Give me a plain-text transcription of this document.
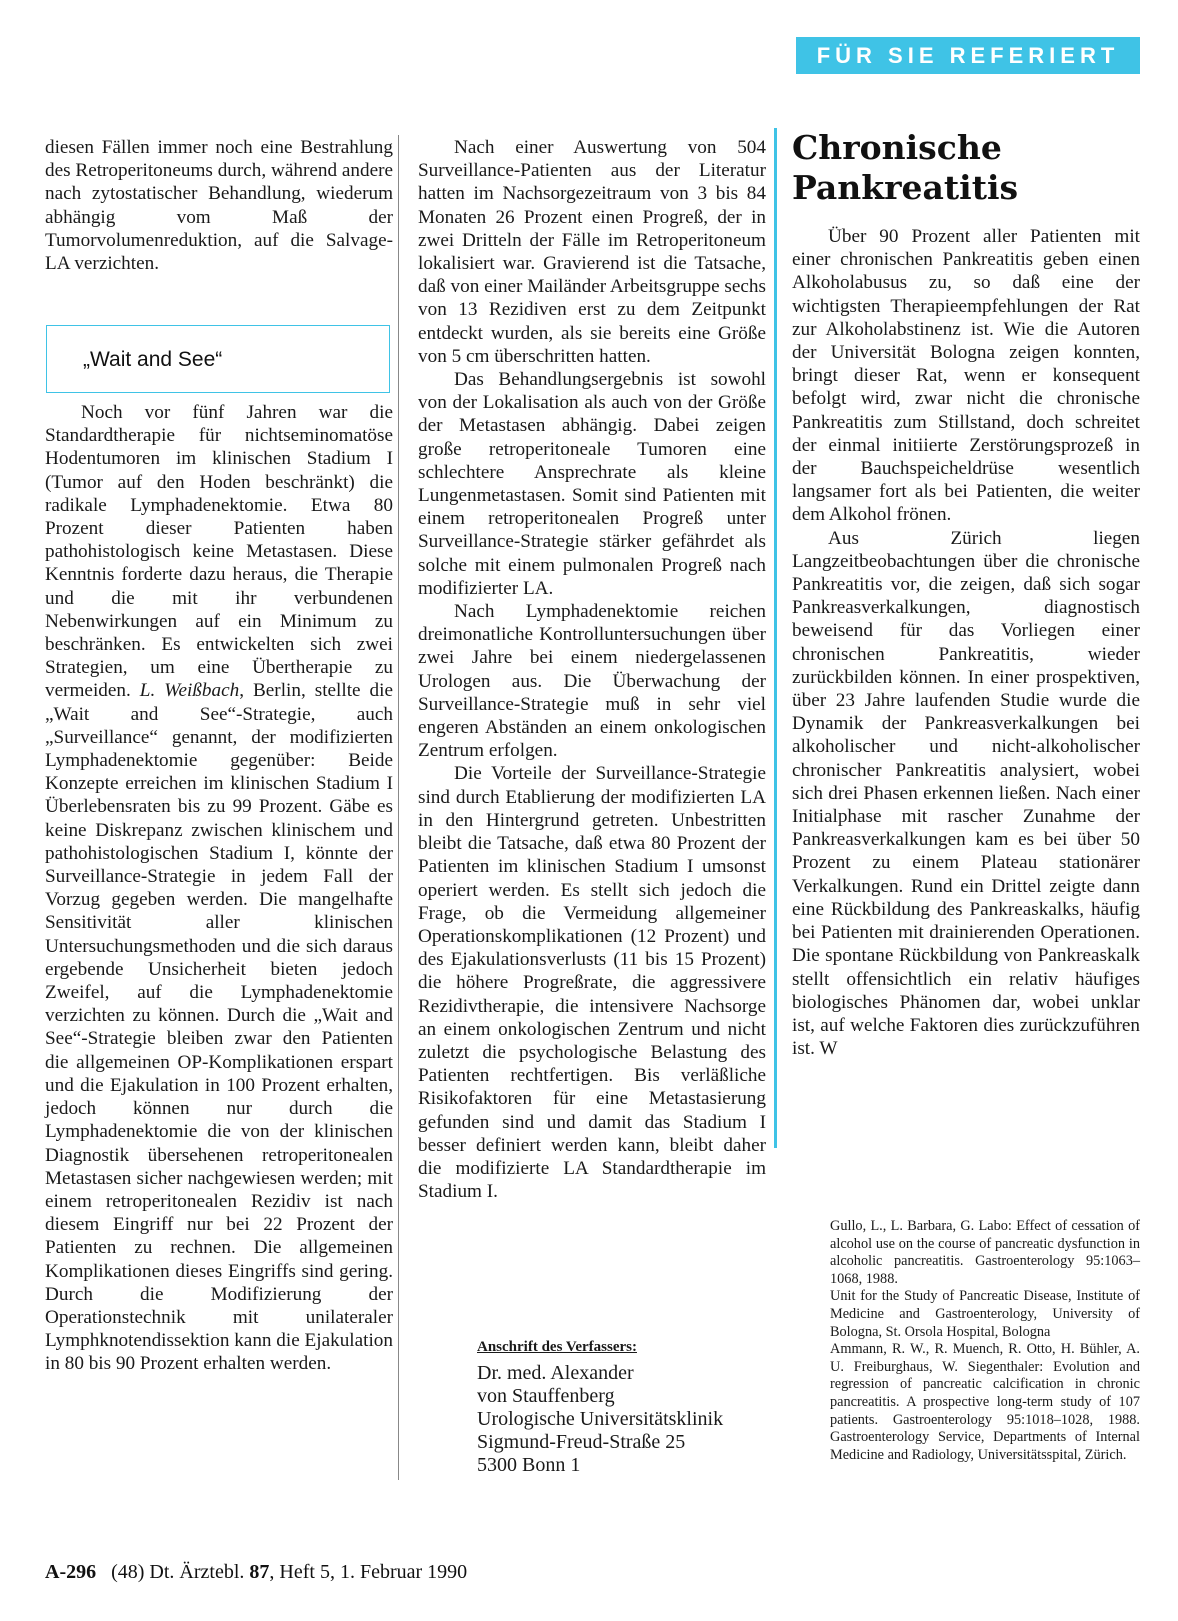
FÜR SIE REFERIERT

diesen Fällen immer noch eine Bestrahlung des Retroperitoneums durch, während andere nach zytostatischer Behandlung, wiederum abhängig vom Maß der Tumorvolumenreduktion, auf die Salvage-LA verzichten.

„Wait and See“

Noch vor fünf Jahren war die Standardtherapie für nichtseminomatöse Hodentumoren im klinischen Stadium I (Tumor auf den Hoden beschränkt) die radikale Lymphadenektomie. Etwa 80 Prozent dieser Patienten haben pathohistologisch keine Metastasen. Diese Kenntnis forderte dazu heraus, die Therapie und die mit ihr verbundenen Nebenwirkungen auf ein Minimum zu beschränken. Es entwickelten sich zwei Strategien, um eine Übertherapie zu vermeiden. L. Weißbach, Berlin, stellte die „Wait and See“-Strategie, auch „Surveillance“ genannt, der modifizierten Lymphadenektomie gegenüber: Beide Konzepte erreichen im klinischen Stadium I Überlebensraten bis zu 99 Prozent. Gäbe es keine Diskrepanz zwischen klinischem und pathohistologischen Stadium I, könnte der Surveillance-Strategie in jedem Fall der Vorzug gegeben werden. Die mangelhafte Sensitivität aller klinischen Untersuchungsmethoden und die sich daraus ergebende Unsicherheit bieten jedoch Zweifel, auf die Lymphadenektomie verzichten zu können. Durch die „Wait and See“-Strategie bleiben zwar den Patienten die allgemeinen OP-Komplikationen erspart und die Ejakulation in 100 Prozent erhalten, jedoch können nur durch die Lymphadenektomie die von der klinischen Diagnostik übersehenen retroperitonealen Metastasen sicher nachgewiesen werden; mit einem retroperitonealen Rezidiv ist nach diesem Eingriff nur bei 22 Prozent der Patienten zu rechnen. Die allgemeinen Komplikationen dieses Eingriffs sind gering. Durch die Modifizierung der Operationstechnik mit unilateraler Lymphknotendissektion kann die Ejakulation in 80 bis 90 Prozent erhalten werden.

Nach einer Auswertung von 504 Surveillance-Patienten aus der Literatur hatten im Nachsorgezeitraum von 3 bis 84 Monaten 26 Prozent einen Progreß, der in zwei Dritteln der Fälle im Retroperitoneum lokalisiert war. Gravierend ist die Tatsache, daß von einer Mailänder Arbeitsgruppe sechs von 13 Rezidiven erst zu dem Zeitpunkt entdeckt wurden, als sie bereits eine Größe von 5 cm überschritten hatten.

Das Behandlungsergebnis ist sowohl von der Lokalisation als auch von der Größe der Metastasen abhängig. Dabei zeigen große retroperitoneale Tumoren eine schlechtere Ansprechrate als kleine Lungenmetastasen. Somit sind Patienten mit einem retroperitonealen Progreß unter Surveillance-Strategie stärker gefährdet als solche mit einem pulmonalen Progreß nach modifizierter LA.

Nach Lymphadenektomie reichen dreimonatliche Kontrolluntersuchungen über zwei Jahre bei einem niedergelassenen Urologen aus. Die Überwachung der Surveillance-Strategie muß in sehr viel engeren Abständen an einem onkologischen Zentrum erfolgen.

Die Vorteile der Surveillance-Strategie sind durch Etablierung der modifizierten LA in den Hintergrund getreten. Unbestritten bleibt die Tatsache, daß etwa 80 Prozent der Patienten im klinischen Stadium I umsonst operiert werden. Es stellt sich jedoch die Frage, ob die Vermeidung allgemeiner Operationskomplikationen (12 Prozent) und des Ejakulationsverlusts (11 bis 15 Prozent) die höhere Progreßrate, die aggressivere Rezidivtherapie, die intensivere Nachsorge an einem onkologischen Zentrum und nicht zuletzt die psychologische Belastung des Patienten rechtfertigen. Bis verläßliche Risikofaktoren für eine Metastasierung gefunden sind und damit das Stadium I besser definiert werden kann, bleibt daher die modifizierte LA Standardtherapie im Stadium I.

Anschrift des Verfassers:
Dr. med. Alexander
von Stauffenberg
Urologische Universitätsklinik
Sigmund-Freud-Straße 25
5300 Bonn 1
Chronische
Pankreatitis

Über 90 Prozent aller Patienten mit einer chronischen Pankreatitis geben einen Alkoholabusus zu, so daß eine der wichtigsten Therapieempfehlungen der Rat zur Alkoholabstinenz ist. Wie die Autoren der Universität Bologna zeigen konnten, bringt dieser Rat, wenn er konsequent befolgt wird, zwar nicht die chronische Pankreatitis zum Stillstand, doch schreitet der einmal initiierte Zerstörungsprozeß in der Bauchspeicheldrüse wesentlich langsamer fort als bei Patienten, die weiter dem Alkohol frönen.

Aus Zürich liegen Langzeitbeobachtungen über die chronische Pankreatitis vor, die zeigen, daß sich sogar Pankreasverkalkungen, diagnostisch beweisend für das Vorliegen einer chronischen Pankreatitis, wieder zurückbilden können. In einer prospektiven, über 23 Jahre laufenden Studie wurde die Dynamik der Pankreasverkalkungen bei alkoholischer und nicht-alkoholischer chronischer Pankreatitis analysiert, wobei sich drei Phasen erkennen ließen. Nach einer Initialphase mit rascher Zunahme der Pankreasverkalkungen kam es bei über 50 Prozent zu einem Plateau stationärer Verkalkungen. Rund ein Drittel zeigte dann eine Rückbildung des Pankreaskalks, häufig bei Patienten mit drainierenden Operationen. Die spontane Rückbildung von Pankreaskalk stellt offensichtlich ein relativ häufiges biologisches Phänomen dar, wobei unklar ist, auf welche Faktoren dies zurückzuführen ist. W

Gullo, L., L. Barbara, G. Labo: Effect of cessation of alcohol use on the course of pancreatic dysfunction in alcoholic pancreatitis. Gastroenterology 95:1063–1068, 1988.

Unit for the Study of Pancreatic Disease, Institute of Medicine and Gastroenterology, University of Bologna, St. Orsola Hospital, Bologna

Ammann, R. W., R. Muench, R. Otto, H. Bühler, A. U. Freiburghaus, W. Siegenthaler: Evolution and regression of pancreatic calcification in chronic pancreatitis. A prospective long-term study of 107 patients. Gastroenterology 95:1018–1028, 1988. Gastroenterology Service, Departments of Internal Medicine and Radiology, Universitätsspital, Zürich.

A-296 (48) Dt. Ärztebl. 87, Heft 5, 1. Februar 1990
